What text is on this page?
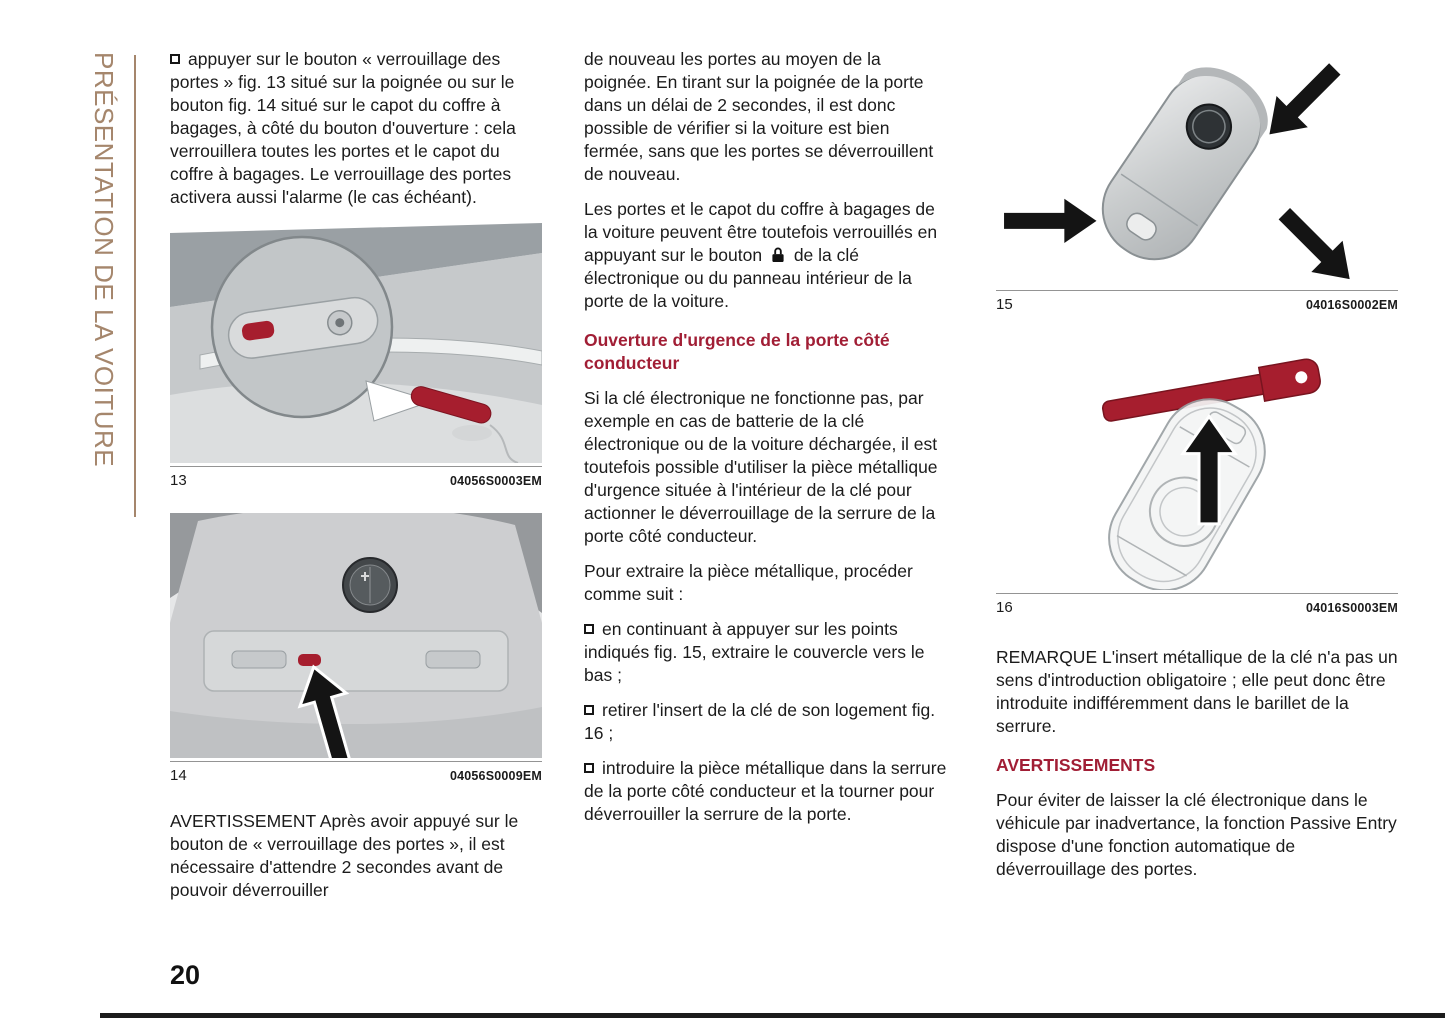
PRÉSENTATION DE LA VOITURE	appuyer sur le bouton « verrouillage des portes » fig. 13 situé sur la poignée ou sur le bouton fig. 14 situé sur le capot du coffre à bagages, à côté du bouton d'ouverture : cela verrouillera toutes les portes et le capot du coffre à bagages. Le verrouillage des portes activera aussi l'alarme (le cas échéant).

13	04056S0003EM
14	04056S0009EM

AVERTISSEMENT Après avoir appuyé sur le bouton de « verrouillage des portes », il est nécessaire d'attendre 2 secondes avant de pouvoir déverrouiller

de nouveau les portes au moyen de la poignée. En tirant sur la poignée de la porte dans un délai de 2 secondes, il est donc possible de vérifier si la voiture est bien fermée, sans que les portes se déverrouillent de nouveau.

Les portes et le capot du coffre à bagages de la voiture peuvent être toutefois verrouillés en appuyant sur le bouton de la clé électronique ou du panneau intérieur de la porte de la voiture.

Ouverture d'urgence de la porte côté conducteur

Si la clé électronique ne fonctionne pas, par exemple en cas de batterie de la clé électronique ou de la voiture déchargée, il est toutefois possible d'utiliser la pièce métallique d'urgence située à l'intérieur de la clé pour actionner le déverrouillage de la serrure de la porte côté conducteur.

Pour extraire la pièce métallique, procéder comme suit :

en continuant à appuyer sur les points indiqués fig. 15, extraire le couvercle vers le bas ;

retirer l'insert de la clé de son logement fig. 16 ;

introduire la pièce métallique dans la serrure de la porte côté conducteur et la tourner pour déverrouiller la serrure de la porte.

15	04016S0002EM
16	04016S0003EM

REMARQUE L'insert métallique de la clé n'a pas un sens d'introduction obligatoire ; elle peut donc être introduite indifféremment dans le barillet de la serrure.

AVERTISSEMENTS

Pour éviter de laisser la clé électronique dans le véhicule par inadvertance, la fonction Passive Entry dispose d'une fonction automatique de déverrouillage des portes.

20
